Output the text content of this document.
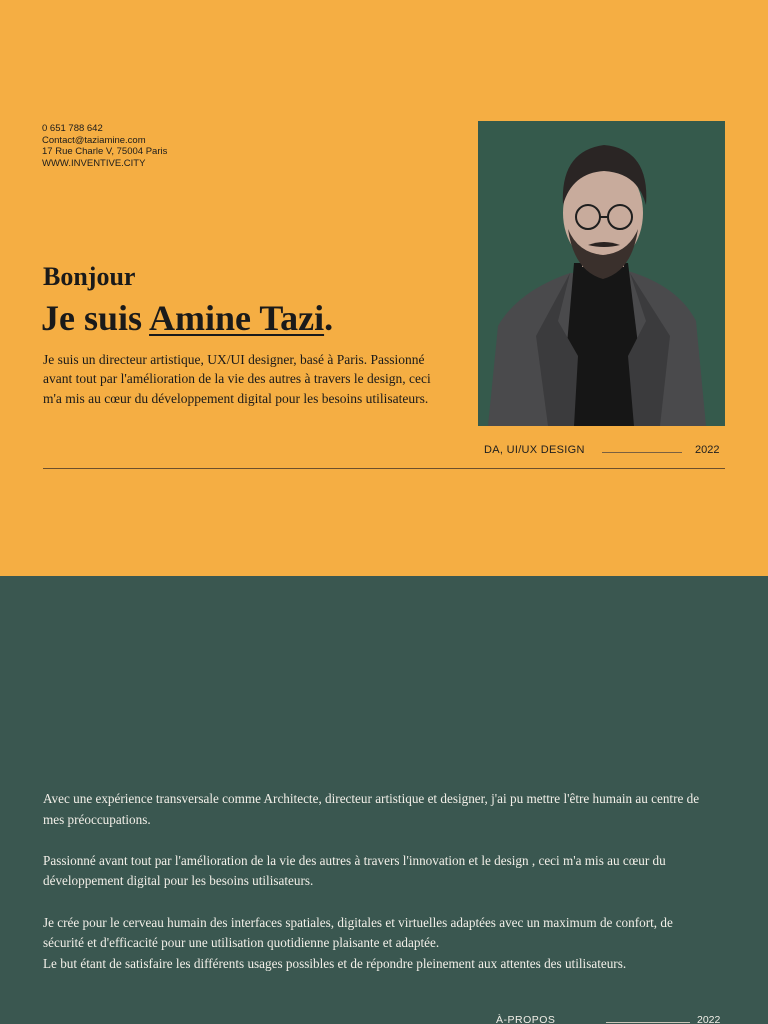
0 651 788 642
Contact@taziamine.com
17 Rue Charle V, 75004 Paris
WWW.INVENTIVE.CITY
Bonjour
Je suis Amine Tazi.

Je suis un directeur artistique, UX/UI designer, basé à Paris. Passionné avant tout par l'amélioration de la vie des autres à travers le design, ceci m'a mis au cœur du développement digital pour les besoins utilisateurs.

DA, UI/UX DESIGN	2022

Avec une expérience transversale comme Architecte, directeur artistique et designer, j'ai pu mettre l'être humain au centre de mes préoccupations.

Passionné avant tout par l'amélioration de la vie des autres à travers l'innovation et le design , ceci m'a mis au cœur du développement digital pour les besoins utilisateurs.

Je crée pour le cerveau humain des interfaces spatiales, digitales et virtuelles adaptées avec un maximum de confort, de sécurité et d'efficacité pour une utilisation quotidienne plaisante et adaptée.
Le but étant de satisfaire les différents usages possibles et de répondre pleinement aux attentes des utilisateurs.

À-PROPOS	2022
